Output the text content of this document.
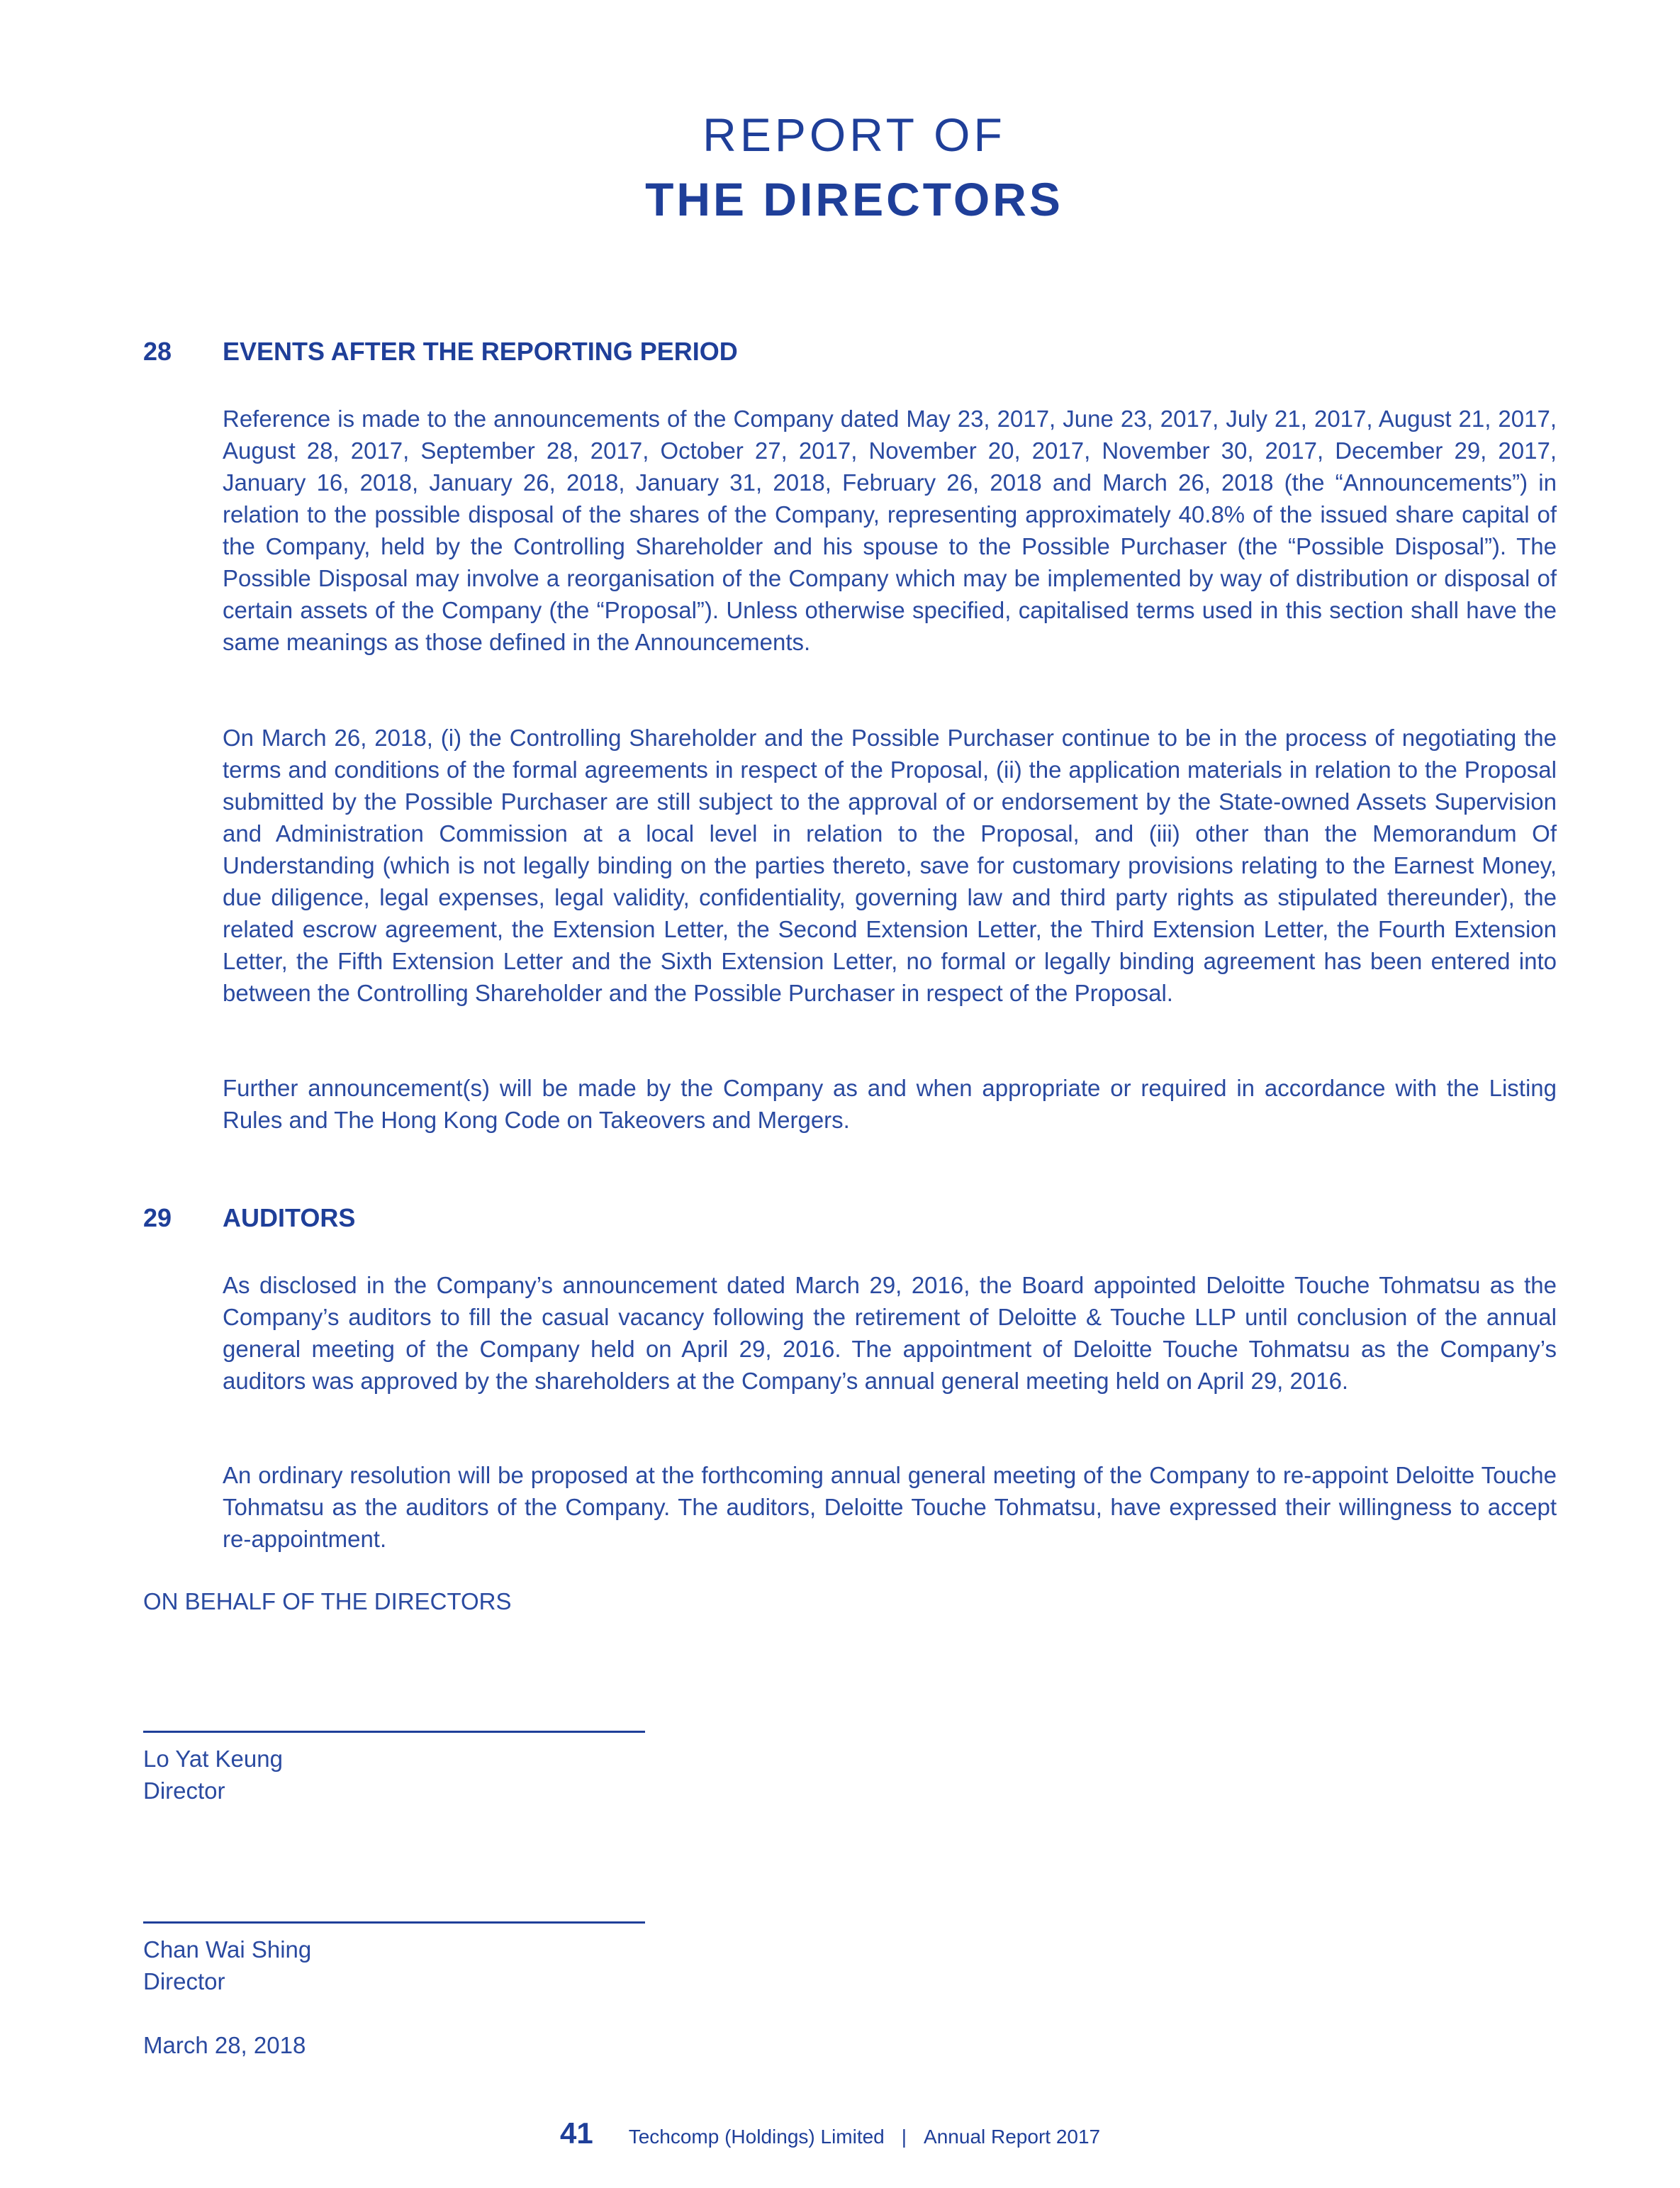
REPORT OF
THE DIRECTORS
28 EVENTS AFTER THE REPORTING PERIOD

Reference is made to the announcements of the Company dated May 23, 2017, June 23, 2017, July 21, 2017, August 21, 2017, August 28, 2017, September 28, 2017, October 27, 2017, November 20, 2017, November 30, 2017, December 29, 2017, January 16, 2018, January 26, 2018, January 31, 2018, February 26, 2018 and March 26, 2018 (the “Announcements”) in relation to the possible disposal of the shares of the Company, representing approximately 40.8% of the issued share capital of the Company, held by the Controlling Shareholder and his spouse to the Possible Purchaser (the “Possible Disposal”). The Possible Disposal may involve a reorganisation of the Company which may be implemented by way of distribution or disposal of certain assets of the Company (the “Proposal”). Unless otherwise specified, capitalised terms used in this section shall have the same meanings as those defined in the Announcements.

On March 26, 2018, (i) the Controlling Shareholder and the Possible Purchaser continue to be in the process of negotiating the terms and conditions of the formal agreements in respect of the Proposal, (ii) the application materials in relation to the Proposal submitted by the Possible Purchaser are still subject to the approval of or endorsement by the State-owned Assets Supervision and Administration Commission at a local level in relation to the Proposal, and (iii) other than the Memorandum Of Understanding (which is not legally binding on the parties thereto, save for customary provisions relating to the Earnest Money, due diligence, legal expenses, legal validity, confidentiality, governing law and third party rights as stipulated thereunder), the related escrow agreement, the Extension Letter, the Second Extension Letter, the Third Extension Letter, the Fourth Extension Letter, the Fifth Extension Letter and the Sixth Extension Letter, no formal or legally binding agreement has been entered into between the Controlling Shareholder and the Possible Purchaser in respect of the Proposal.

Further announcement(s) will be made by the Company as and when appropriate or required in accordance with the Listing Rules and The Hong Kong Code on Takeovers and Mergers.

29 AUDITORS

As disclosed in the Company’s announcement dated March 29, 2016, the Board appointed Deloitte Touche Tohmatsu as the Company’s auditors to fill the casual vacancy following the retirement of Deloitte & Touche LLP until conclusion of the annual general meeting of the Company held on April 29, 2016. The appointment of Deloitte Touche Tohmatsu as the Company’s auditors was approved by the shareholders at the Company’s annual general meeting held on April 29, 2016.

An ordinary resolution will be proposed at the forthcoming annual general meeting of the Company to re-appoint Deloitte Touche Tohmatsu as the auditors of the Company. The auditors, Deloitte Touche Tohmatsu, have expressed their willingness to accept re-appointment.

ON BEHALF OF THE DIRECTORS

Lo Yat Keung

Director

Chan Wai Shing

Director

March 28, 2018

41 Techcomp (Holdings) Limited | Annual Report 2017
